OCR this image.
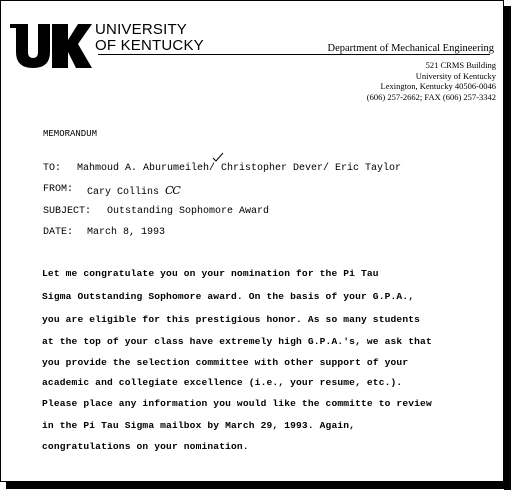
UNIVERSITY
OF KENTUCKY	Department of Mechanical Engineering
521 CRMS Building
University of Kentucky
Lexington, Kentucky 40506-0046
(606) 257-2662; FAX (606) 257-3342
MEMORANDUM
TO: Mahmoud A. Aburumeileh/ Christopher Dever/ Eric Taylor
FROM: Cary Collins CC
SUBJECT: Outstanding Sophomore Award
DATE: March 8, 1993
Let me congratulate you on your nomination for the Pi Tau
Sigma Outstanding Sophomore award. On the basis of your G.P.A.,
you are eligible for this prestigious honor. As so many students
at the top of your class have extremely high G.P.A.'s, we ask that
you provide the selection committee with other support of your
academic and collegiate excellence (i.e., your resume, etc.).
Please place any information you would like the committe to review
in the Pi Tau Sigma mailbox by March 29, 1993. Again,
congratulations on your nomination.
